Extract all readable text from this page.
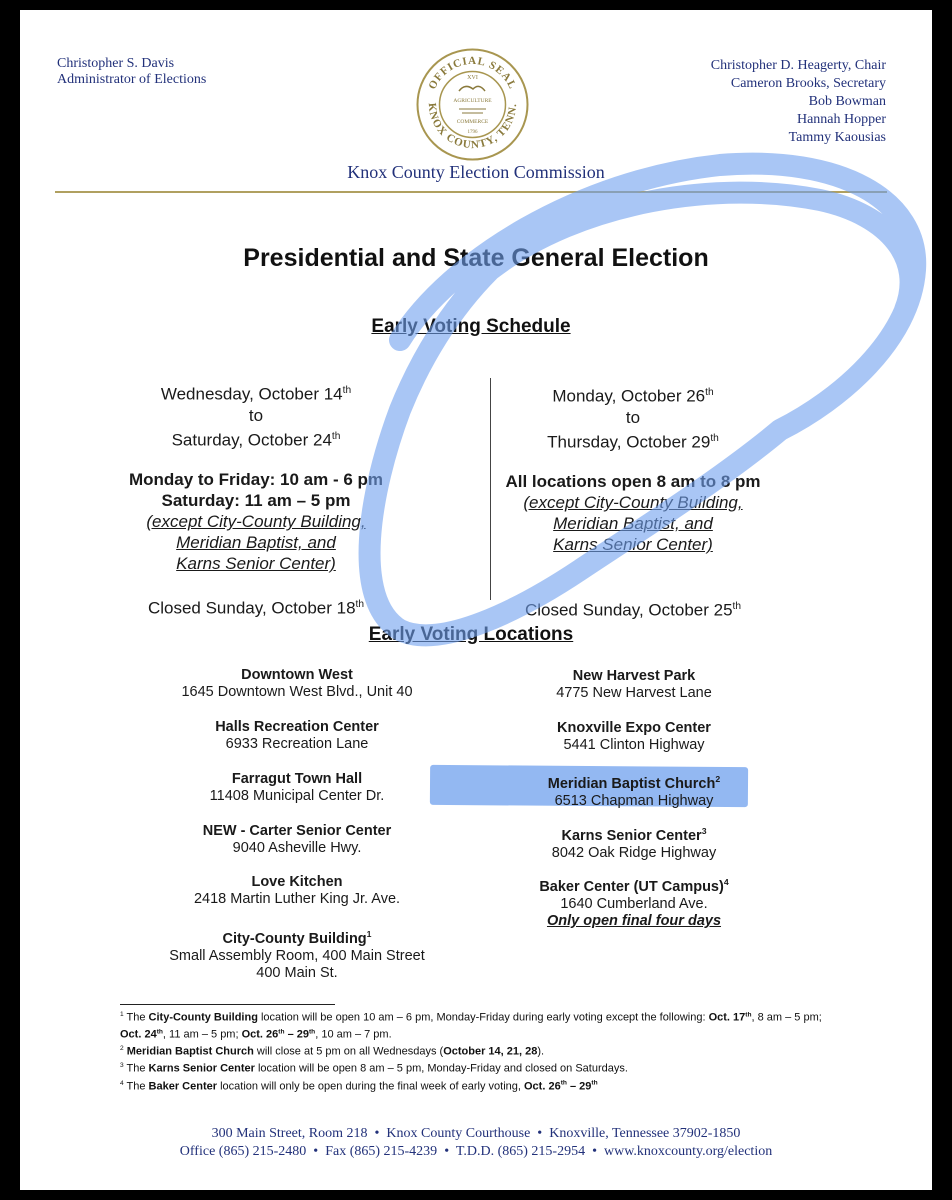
Christopher S. Davis
Administrator of Elections	OFFICIAL SEAL
KNOX COUNTY, TENN.
XVI
AGRICULTURE
COMMERCE
1796
Christopher D. Heagerty, Chair
Cameron Brooks, Secretary
Bob Bowman
Hannah Hopper
Tammy Kaousias
Knox County Election Commission
Presidential and State General Election
Early Voting Schedule
Wednesday, October 14th
to
Saturday, October 24th
Monday to Friday: 10 am - 6 pm
Saturday: 11 am – 5 pm
(except City-County Building,
Meridian Baptist, and
Karns Senior Center)
Closed Sunday, October 18th
Monday, October 26th
to
Thursday, October 29th
All locations open 8 am to 8 pm
(except City-County Building,
Meridian Baptist, and
Karns Senior Center)
Closed Sunday, October 25th
Early Voting Locations
Downtown West
1645 Downtown West Blvd., Unit 40
Halls Recreation Center
6933 Recreation Lane
Farragut Town Hall
11408 Municipal Center Dr.
NEW - Carter Senior Center
9040 Asheville Hwy.
Love Kitchen
2418 Martin Luther King Jr. Ave.
City-County Building$^1$
Small Assembly Room, 400 Main Street
400 Main St.
New Harvest Park
4775 New Harvest Lane
Knoxville Expo Center
5441 Clinton Highway
Meridian Baptist Church$^2$
6513 Chapman Highway
Karns Senior Center$^3$
8042 Oak Ridge Highway
Baker Center (UT Campus)$^4$
1640 Cumberland Ave.
Only open final four days
$^1$ The City-County Building location will be open 10 am – 6 pm, Monday-Friday during early voting except the following: Oct. 17th, 8 am – 5 pm; Oct. 24th, 11 am – 5 pm; Oct. 26th – 29th, 10 am – 7 pm.
$^2$ Meridian Baptist Church will close at 5 pm on all Wednesdays (October 14, 21, 28).
$^3$ The Karns Senior Center location will be open 8 am – 5 pm, Monday-Friday and closed on Saturdays.
$^4$ The Baker Center location will only be open during the final week of early voting, Oct. 26th – 29th
300 Main Street, Room 218  •  Knox County Courthouse  •  Knoxville, Tennessee 37902-1850
Office (865) 215-2480  •  Fax (865) 215-4239  •  T.D.D. (865) 215-2954  •  www.knoxcounty.org/election
